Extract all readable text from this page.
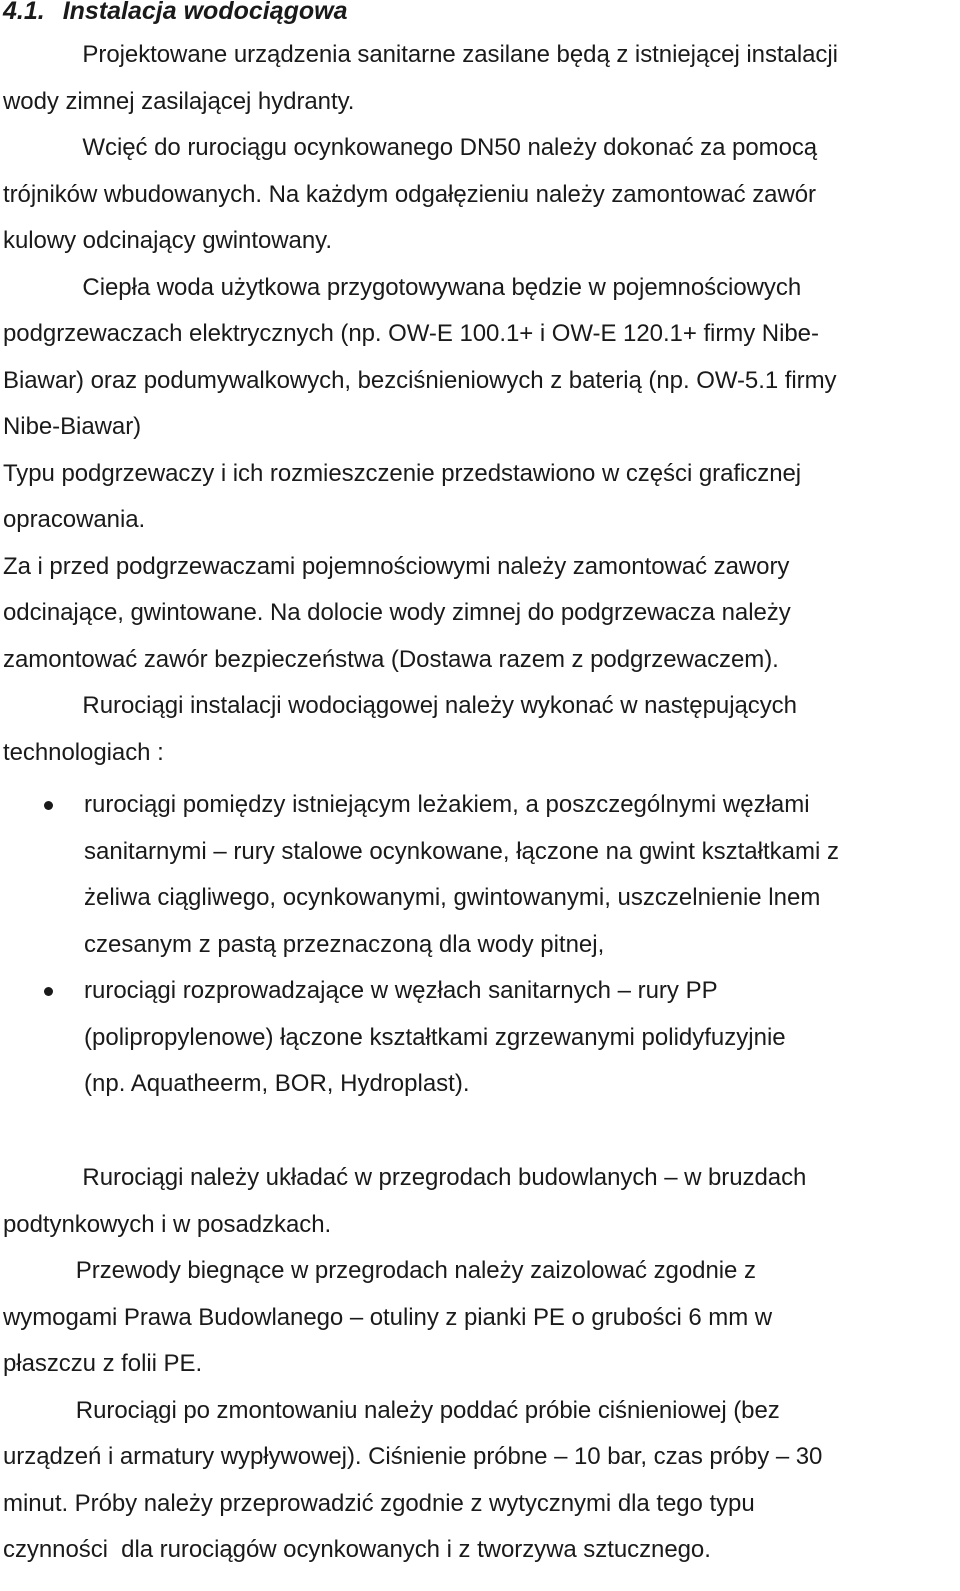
4.1. Instalacja wodociągowa

Projektowane urządzenia sanitarne zasilane będą z istniejącej instalacji

wody zimnej zasilającej hydranty.

Wcięć do rurociągu ocynkowanego DN50 należy dokonać za pomocą

trójników wbudowanych. Na każdym odgałęzieniu należy zamontować zawór

kulowy odcinający gwintowany.

Ciepła woda użytkowa przygotowywana będzie w pojemnościowych

podgrzewaczach elektrycznych (np. OW-E 100.1+ i OW-E 120.1+ firmy Nibe-

Biawar) oraz podumywalkowych, bezciśnieniowych z baterią (np. OW-5.1 firmy

Nibe-Biawar)

Typu podgrzewaczy i ich rozmieszczenie przedstawiono w części graficznej

opracowania.

Za i przed podgrzewaczami pojemnościowymi należy zamontować zawory

odcinające, gwintowane. Na dolocie wody zimnej do podgrzewacza należy

zamontować zawór bezpieczeństwa (Dostawa razem z podgrzewaczem).

Rurociągi instalacji wodociągowej należy wykonać w następujących

technologiach :

rurociągi pomiędzy istniejącym leżakiem, a poszczególnymi węzłami

sanitarnymi – rury stalowe ocynkowane, łączone na gwint kształtkami z

żeliwa ciągliwego, ocynkowanymi, gwintowanymi, uszczelnienie lnem

czesanym z pastą przeznaczoną dla wody pitnej,

rurociągi rozprowadzające w węzłach sanitarnych – rury PP

(polipropylenowe) łączone kształtkami zgrzewanymi polidyfuzyjnie

(np. Aquatheerm, BOR, Hydroplast).

Rurociągi należy układać w przegrodach budowlanych – w bruzdach

podtynkowych i w posadzkach.

Przewody biegnące w przegrodach należy zaizolować zgodnie z

wymogami Prawa Budowlanego – otuliny z pianki PE o grubości 6 mm w

płaszczu z folii PE.

Rurociągi po zmontowaniu należy poddać próbie ciśnieniowej (bez

urządzeń i armatury wypływowej). Ciśnienie próbne – 10 bar, czas próby – 30

minut. Próby należy przeprowadzić zgodnie z wytycznymi dla tego typu

czynności  dla rurociągów ocynkowanych i z tworzywa sztucznego.
